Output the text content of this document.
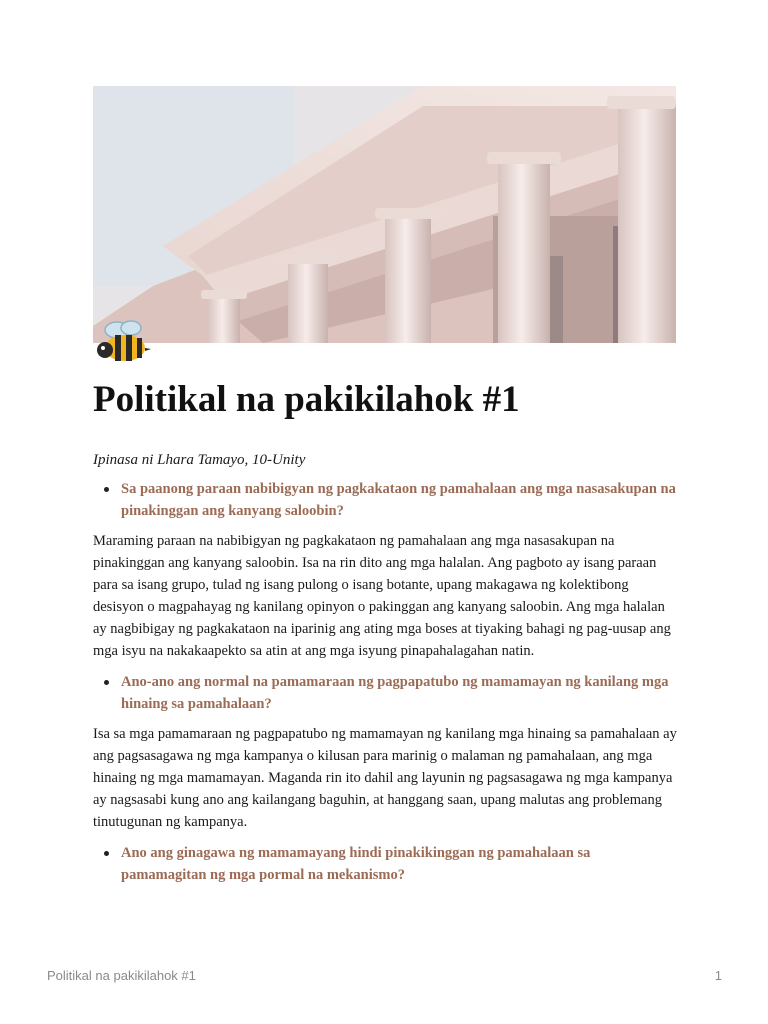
Politikal na pakikilahok #1

Ipinasa ni Lhara Tamayo, 10-Unity

Sa paanong paraan nabibigyan ng pagkakataon ng pamahalaan ang mga nasasakupan na pinakinggan ang kanyang saloobin?

Maraming paraan na nabibigyan ng pagkakataon ng pamahalaan ang mga nasasakupan na pinakinggan ang kanyang saloobin. Isa na rin dito ang mga halalan. Ang pagboto ay isang paraan para sa isang grupo, tulad ng isang pulong o isang botante, upang makagawa ng kolektibong desisyon o magpahayag ng kanilang opinyon o pakinggan ang kanyang saloobin. Ang mga halalan ay nagbibigay ng pagkakataon na iparinig ang ating mga boses at tiyaking bahagi ng pag-uusap ang mga isyu na nakakaapekto sa atin at ang mga isyung pinapahalagahan natin.

Ano-ano ang normal na pamamaraan ng pagpapatubo ng mamamayan ng kanilang mga hinaing sa pamahalaan?

Isa sa mga pamamaraan ng pagpapatubo ng mamamayan ng kanilang mga hinaing sa pamahalaan ay ang pagsasagawa ng mga kampanya o kilusan para marinig o malaman ng pamahalaan, ang mga hinaing ng mga mamamayan. Maganda rin ito dahil ang layunin ng pagsasagawa ng mga kampanya ay nagsasabi kung ano ang kailangang baguhin, at hanggang saan, upang malutas ang problemang tinutugunan ng kampanya.

Ano ang ginagawa ng mamamayang hindi pinakikinggan ng pamahalaan sa pamamagitan ng mga pormal na mekanismo?
Politikal na pakikilahok #1	1
